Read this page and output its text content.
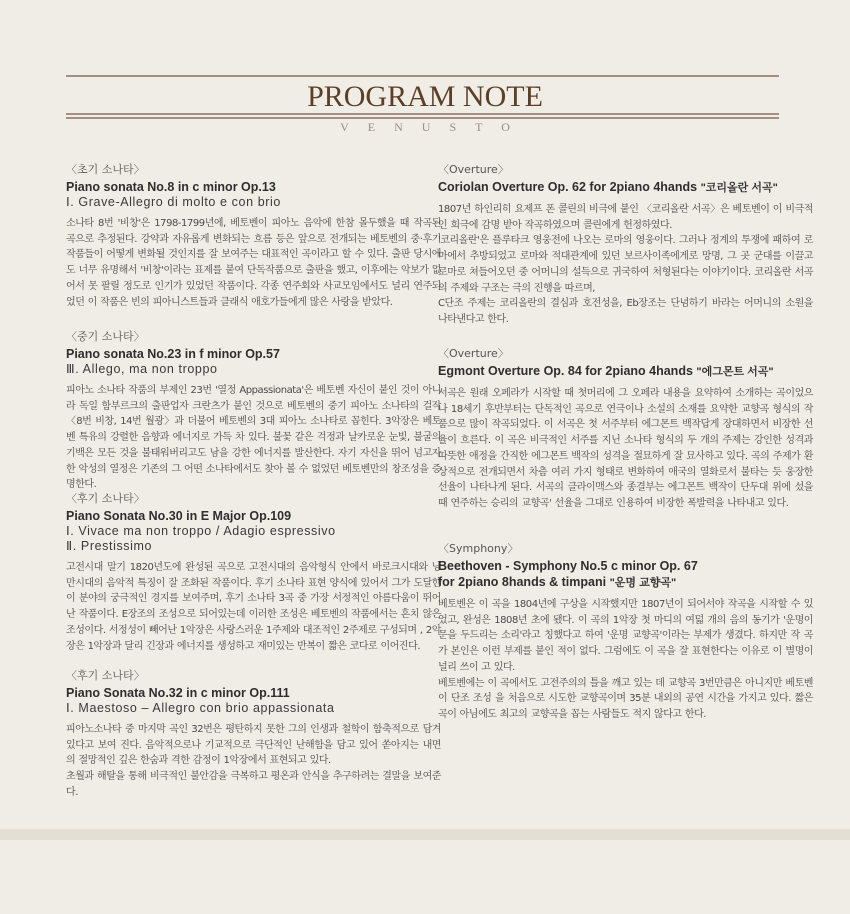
PROGRAM NOTE
VENUSTO

〈초기 소나타〉

Piano sonata No.8 in c minor Op.13

Ⅰ. Grave-Allegro di molto e con brio

소나타 8번 '비창'은 1798-1799년에, 베토벤이 피아노 음악에 한참 몰두했을 때 작곡된 곡으로 추정된다. 강약과 자유롭게 변화되는 흐름 등은 앞으로 전개되는 베토벤의 중·후기 작품들이 어떻게 변화될 것인지를 잘 보여주는 대표적인 곡이라고 할 수 있다. 출판 당시에도 너무 유명해서 '비창'이라는 표제를 붙여 단독작품으로 출판을 했고, 이후에는 악보가 없어서 못 팔릴 정도로 인기가 있었던 작품이다. 각종 연주회와 사교모임에서도 널리 연주되었던 이 작품은 빈의 피아니스트들과 클래식 애호가들에게 많은 사랑을 받았다.

〈중기 소나타〉

Piano sonata No.23 in f minor Op.57

Ⅲ. Allego, ma non troppo

피아노 소나타 작품의 부제인 23번 '열정 Appassionata'은 베토벤 자신이 붙인 것이 아니라 독일 함부르크의 출판업자 크란츠가 붙인 것으로 베토벤의 중기 피아노 소나타의 걸작 〈8번 비창, 14번 월광〉과 더불어 베토벤의 3대 피아노 소나타로 꼽힌다. 3악장은 베토벤 특유의 강렬한 음향과 에너지로 가득 차 있다. 불꽃 같은 걱정과 날카로운 눈빛, 불굴의 기백은 모든 것을 불태워버리고도 남을 강한 에너지를 발산한다. 자기 자신을 뛰어 넘고자 한 악성의 열정은 기존의 그 어떤 소나타에서도 찾아 볼 수 없었던 베토벤만의 창조성을 증명한다.

〈후기 소나타〉

Piano Sonata No.30 in E Major Op.109

Ⅰ. Vivace ma non troppo / Adagio espressivo

Ⅱ. Prestissimo

고전시대 말기 1820년도에 완성된 곡으로 고전시대의 음악형식 안에서 바로크시대와 낭만시대의 음악적 특징이 잘 조화된 작품이다. 후기 소나타 표현 양식에 있어서 그가 도달한 이 분야의 궁극적인 경지를 보여주며, 후기 소나타 3곡 중 가장 서정적인 아름다움이 뛰어난 작품이다. E장조의 조성으로 되어있는데 이러한 조성은 베토벤의 작품에서는 흔치 않은 조성이다. 서정성이 빼어난 1악장은 사랑스러운 1주제와 대조적인 2주제로 구성되며 , 2악장은 1악장과 달리 긴장과 에너지를 생성하고 재미있는 반복이 짧은 코다로 이어진다.

〈후기 소나타〉

Piano Sonata No.32 in c minor Op.111

Ⅰ. Maestoso – Allegro con brio appassionata

피아노소나타 중 마지막 곡인 32번은 평탄하지 못한 그의 인생과 철학이 함축적으로 담겨있다고 보여 진다. 음악적으로나 기교적으로 극단적인 난해함을 담고 있어 쏟아지는 내면의 절망적인 깊은 한숨과 격한 감정이 1악장에서 표현되고 있다.
초월과 해탈을 통해 비극적인 불안감을 극복하고 평온과 안식을 추구하려는 결말을 보여준다.

〈Overture〉

Coriolan Overture Op. 62 for 2piano 4hands "코리올란 서곡"

1807년 하인리히 요제프 폰 콜린의 비극에 붙인 〈코리올란 서곡〉은 베토벤이 이 비극적인 희극에 감명 받아 작곡하였으며 콜린에게 헌정하였다.
'코리올란'은 플루타크 영웅전에 나오는 로마의 영웅이다. 그러나 정계의 투쟁에 패하여 로마에서 추방되었고 로마와 적대관계에 있던 보르사이족에게로 망명, 그 곳 군대를 이끌고 로마로 쳐들어오던 중 어머니의 설득으로 귀국하여 처형된다는 이야기이다. 코리올란 서곡의 주제와 구조는 극의 진행을 따르며,
C단조 주제는 코리올란의 결심과 호전성을, Eb장조는 단념하기 바라는 어머니의 소원을 나타낸다고 한다.

〈Overture〉

Egmont Overture Op. 84 for 2piano 4hands "에그몬트 서곡"

서곡은 원래 오페라가 시작할 때 첫머리에 그 오페라 내용을 요약하여 소개하는 곡이었으나 18세기 후반부터는 단독적인 곡으로 연극이나 소설의 소재를 요약한 교향곡 형식의 작품으로 많이 작곡되었다. 이 서곡은 첫 서주부터 에그몬트 백작답게 장대하면서 비장한 선율이 흐른다. 이 곡은 비극적인 서주를 지닌 소나타 형식의 두 개의 주제는 강인한 성격과 따뜻한 애정을 간직한 에그몬트 백작의 성격을 절묘하게 잘 묘사하고 있다. 곡의 주제가 환상적으로 전개되면서 차츰 여러 가지 형태로 변화하여 애국의 열화로서 불타는 듯 웅장한 선율이 나타나게 된다. 서곡의 클라이맥스와 종결부는 에그몬트 백작이 단두대 위에 섰을 때 연주하는 승리의 교향곡' 선율을 그대로 인용하여 비장한 폭발력을 나타내고 있다.

〈Symphony〉

Beethoven - Symphony No.5 c minor Op. 67
for 2piano 8hands & timpani "운명 교향곡"

베토벤은 이 곡을 1804년에 구상을 시작했지만 1807년이 되어서야 작곡을 시작할 수 있었고, 완성은 1808년 초에 됐다. 이 곡의 1악장 첫 마디의 여덟 개의 음의 동기가 '운명이 문을 두드리는 소리'라고 칭했다고 하여 '운명 교향곡'이라는 부제가 생겼다. 하지만 작 곡가 본인은 이런 부제를 붙인 적이 없다. 그럼에도 이 곡을 잘 표현한다는 이유로 이 별명이 널리 쓰이 고 있다.
베토벤에는 이 곡에서도 고전주의의 틀을 깨고 있는 데 교향곡 3번만큼은 아니지만 베토벤이 단조 조성 을 처음으로 시도한 교향곡이며 35분 내외의 공연 시간을 가지고 있다. 짧은 곡이 아님에도 최고의 교향곡을 꼽는 사람들도 적지 않다고 한다.
